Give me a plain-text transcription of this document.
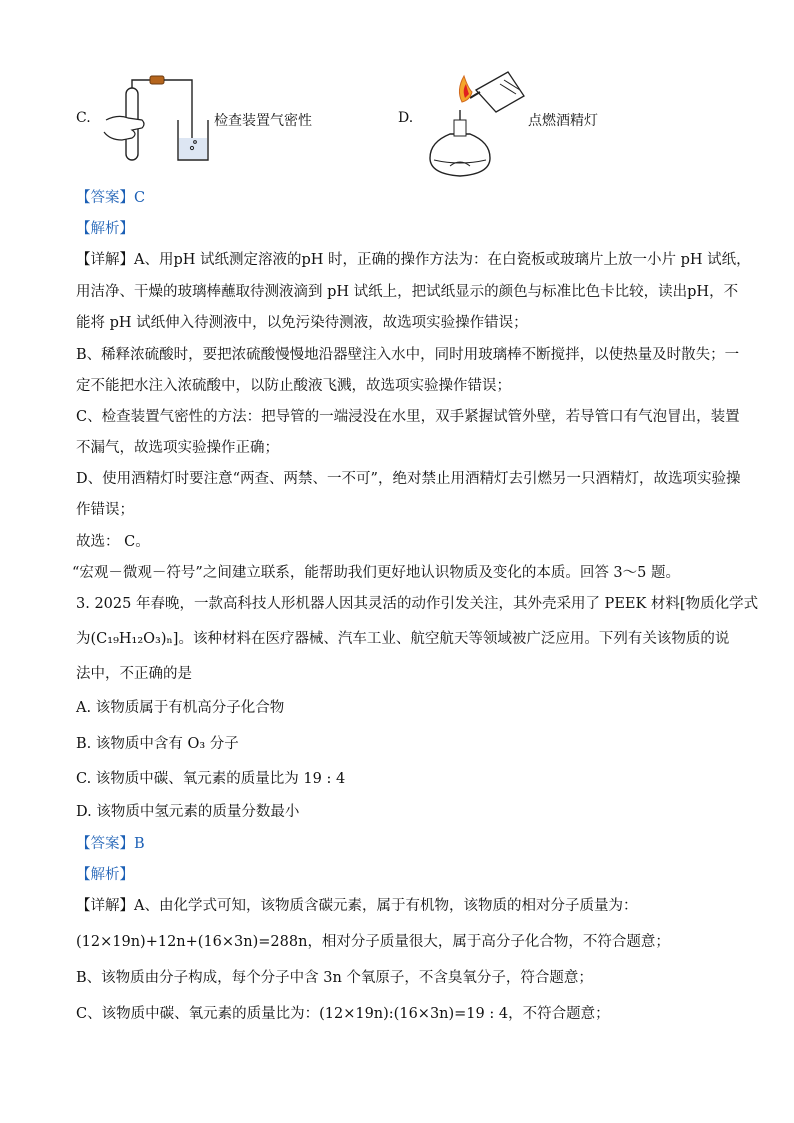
C.	检查装置气密性	D.	点燃酒精灯
【答案】C
【解析】
【详解】A、用pH 试纸测定溶液的pH 时，正确的操作方法为：在白瓷板或玻璃片上放一小片 pH 试纸，
用洁净、干燥的玻璃棒蘸取待测液滴到 pH 试纸上，把试纸显示的颜色与标准比色卡比较，读出pH，不
能将 pH 试纸伸入待测液中，以免污染待测液，故选项实验操作错误；
B、稀释浓硫酸时，要把浓硫酸慢慢地沿器壁注入水中，同时用玻璃棒不断搅拌，以使热量及时散失；一
定不能把水注入浓硫酸中，以防止酸液飞溅，故选项实验操作错误；
C、检查装置气密性的方法：把导管的一端浸没在水里，双手紧握试管外壁，若导管口有气泡冒出，装置
不漏气，故选项实验操作正确；
D、使用酒精灯时要注意“两查、两禁、一不可”，绝对禁止用酒精灯去引燃另一只酒精灯，故选项实验操
作错误；
故选： C。
“宏观－微观－符号”之间建立联系，能帮助我们更好地认识物质及变化的本质。回答 3～5 题。
3. 2025 年春晚，一款高科技人形机器人因其灵活的动作引发关注，其外壳采用了 PEEK 材料[物质化学式
为(C₁₉H₁₂O₃)ₙ]。该种材料在医疗器械、汽车工业、航空航天等领域被广泛应用。下列有关该物质的说
法中，不正确的是
A. 该物质属于有机高分子化合物
B. 该物质中含有 O₃ 分子
C. 该物质中碳、氧元素的质量比为 19 : 4
D. 该物质中氢元素的质量分数最小
【答案】B
【解析】
【详解】A、由化学式可知，该物质含碳元素，属于有机物，该物质的相对分子质量为：
(12×19n)+12n+(16×3n)=288n，相对分子质量很大，属于高分子化合物，不符合题意；
B、该物质由分子构成，每个分子中含 3n 个氧原子，不含臭氧分子，符合题意；
C、该物质中碳、氧元素的质量比为：(12×19n):(16×3n)=19 : 4，不符合题意；
